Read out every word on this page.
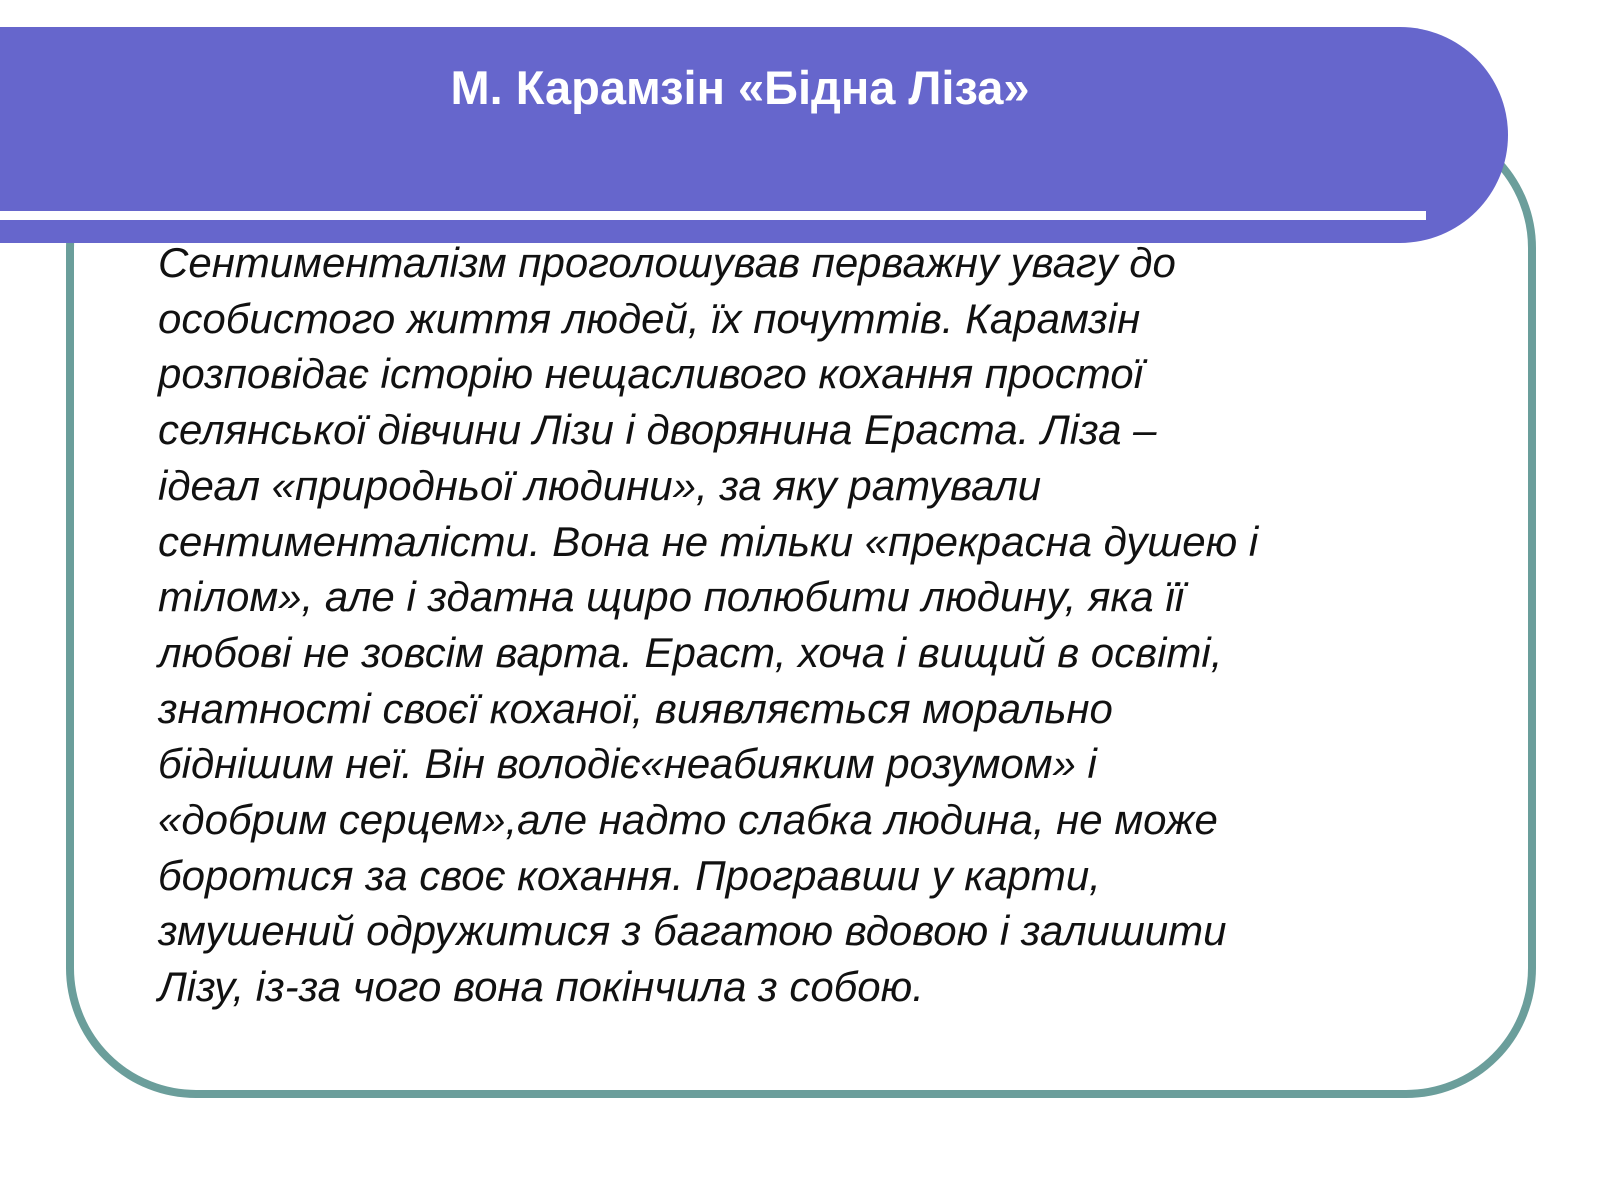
М. Карамзін «Бідна Ліза»
Сентименталізм проголошував перважну увагу до
особистого життя людей, їх почуттів. Карамзін
розповідає історію нещасливого кохання простої
селянської дівчини Лізи і дворянина Ераста. Ліза –
ідеал «природньої людини», за яку ратували
сентименталісти. Вона не тільки «прекрасна душею і
тілом», але і здатна щиро полюбити людину, яка її
любові не зовсім варта. Ераст, хоча і вищий в освіті,
знатності своєї коханої, виявляється морально
біднішим неї. Він володіє«неабияким розумом» і
«добрим серцем»,але надто слабка людина, не може
боротися за своє кохання. Програвши у карти,
змушений одружитися з багатою вдовою і залишити
Лізу, із-за чого вона покінчила з собою.
